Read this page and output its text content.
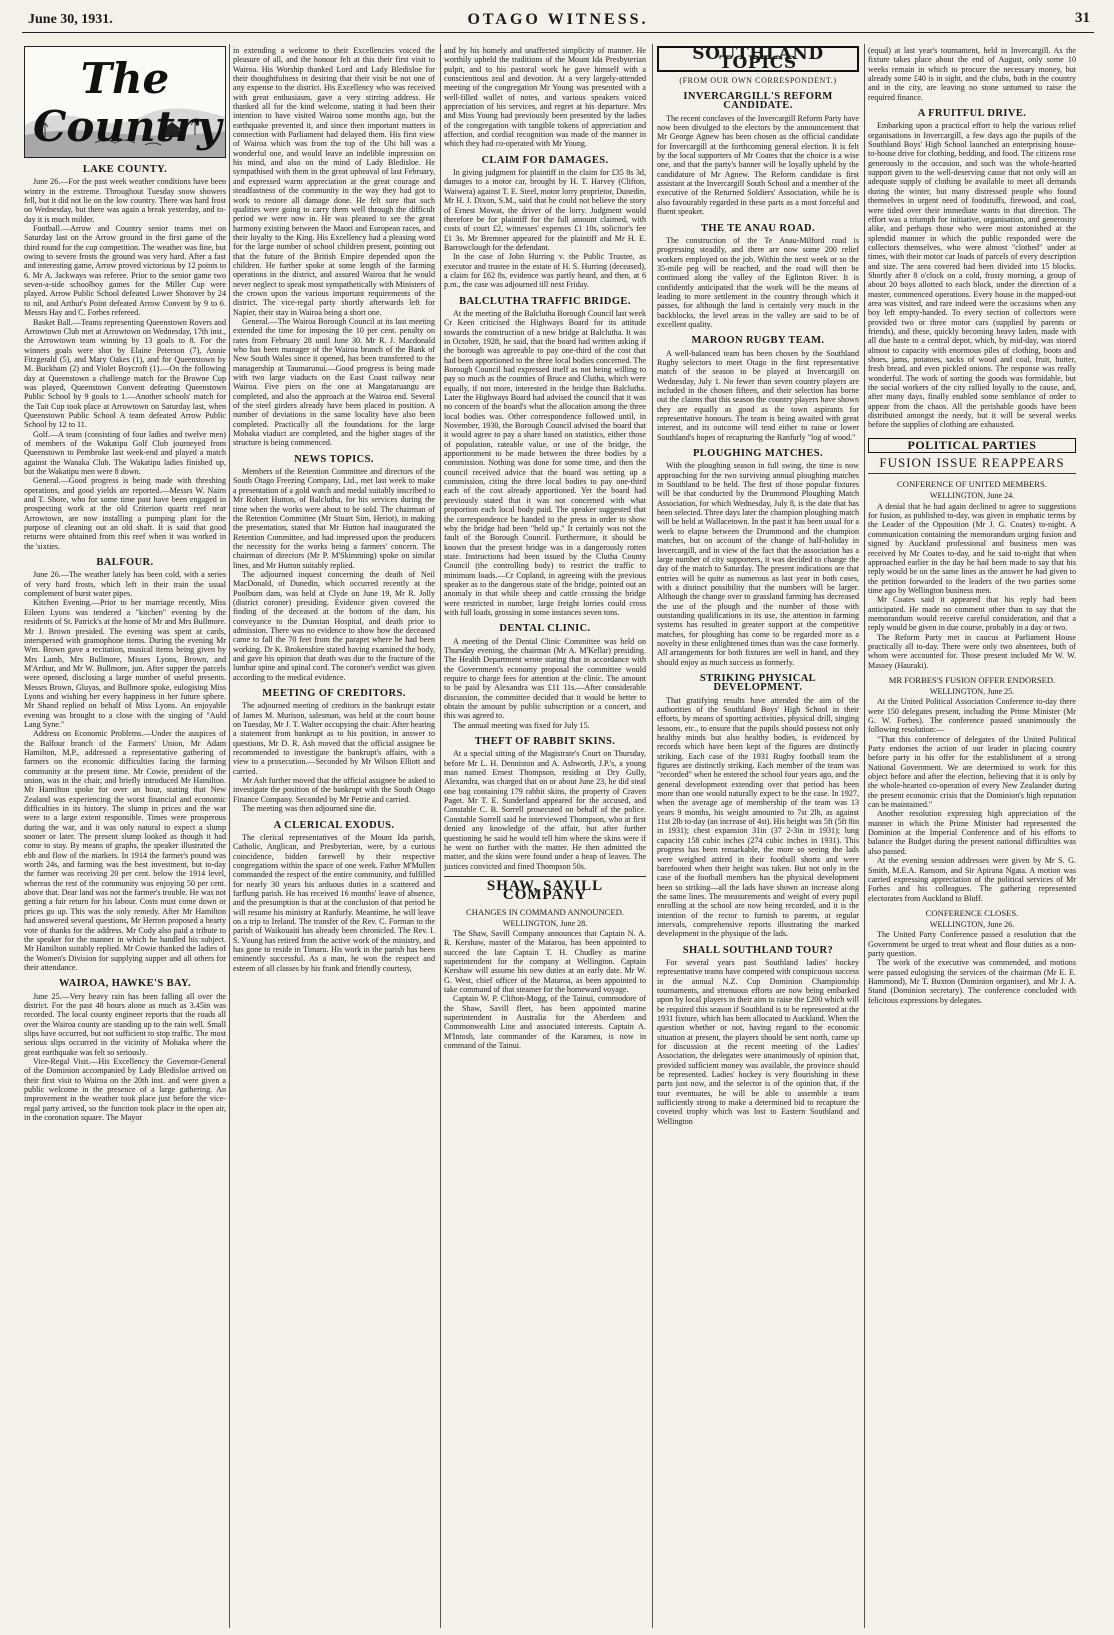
June 30, 1931.	OTAGO WITNESS.	31
The Country
LAKE COUNTY.

June 26.—For the past week weather conditions have been wintry in the extreme. Throughout Tuesday snow showers fell, but it did not lie on the low country. There was hard frost on Wednesday, but there was again a break yesterday, and to-day it is much milder.

Football.—Arrow and Country senior teams met on Saturday last on the Arrow ground in the first game of the third round for the cup competition. The weather was fine, but owing to severe frosts the ground was very hard. After a fast and interesting game, Arrow proved victorious by 12 points to 6. Mr A. Jackways was referee. Prior to the senior game two seven-a-side schoolboy games for the Miller Cup were played. Arrow Public School defeated Lower Shotover by 24 to nil, and Arthur's Point defeated Arrow Convent by 9 to 6. Messrs Hay and C. Forbes refereed.

Basket Ball.—Teams representing Queenstown Rovers and Arrowtown Club met at Arrowtown on Wednesday, 17th inst., the Arrowtown team winning by 13 goals to 8. For the winners goals were shot by Elaine Peterson (7), Annie Fitzgerald (5), and Mary Oakes (1), and for Queenstown by M. Buckham (2) and Violet Boycroft (1).—On the following day at Queenstown a challenge match for the Browne Cup was played, Queenstown Convent defeating Queenstown Public School by 9 goals to 1.—Another schools' match for the Tait Cup took place at Arrowtown on Saturday last, when Queenstown Public School A team defeated Arrow Public School by 12 to 11.

Golf.—A team (consisting of four ladies and twelve men) of members of the Wakatipu Golf Club journeyed from Queenstown to Pembroke last week-end and played a match against the Wanaka Club. The Wakatipu ladies finished up, but the Wakatipu men were 8 down.

General.—Good progress is being made with threshing operations, and good yields are reported.—Messrs W. Nairn and T. Shore, who for some time past have been engaged in prospecting work at the old Criterion quartz reef near Arrowtown, are now installing a pumping plant for the purpose of cleaning out an old shaft. It is said that good returns were obtained from this reef when it was worked in the 'sixties.

BALFOUR.

June 26.—The weather lately has been cold, with a series of very hard frosts, which left in their train the usual complement of burst water pipes.

Kitchen Evening.—Prior to her marriage recently, Miss Eileen Lyons was tendered a "kitchen" evening by the residents of St. Patrick's at the home of Mr and Mrs Bullmore. Mr J. Brown presided. The evening was spent at cards, interspersed with gramophone items. During the evening Mr Wm. Brown gave a recitation, musical items being given by Mrs Lamb, Mrs Bullmore, Misses Lyons, Brown, and M'Arthur, and Mr W. Bullmore, jun. After supper the parcels were opened, disclosing a large number of useful presents. Messrs Brown, Gluyas, and Bullmore spoke, eulogising Miss Lyons and wishing her every happiness in her future sphere. Mr Shand replied on behalf of Miss Lyons. An enjoyable evening was brought to a close with the singing of "Auld Lang Syne."

Address on Economic Problems.—Under the auspices of the Balfour branch of the Farmers' Union, Mr Adam Hamilton, M.P., addressed a representative gathering of farmers on the economic difficulties facing the farming community at the present time. Mr Cowie, president of the union, was in the chair, and briefly introduced Mr Hamilton. Mr Hamilton spoke for over an hour, stating that New Zealand was experiencing the worst financial and economic difficulties in its history. The slump in prices and the war were to a large extent responsible. Times were prosperous during the war, and it was only natural to expect a slump sooner or later. The present slump looked as though it had come to stay. By means of graphs, the speaker illustrated the ebb and flow of the markets. In 1914 the farmer's pound was worth 24s, and farming was the best investment, but to-day the farmer was receiving 20 per cent. below the 1914 level, whereas the rest of the community was enjoying 50 per cent. above that. Dear land was not the farmer's trouble. He was not getting a fair return for his labour. Costs must come down or prices go up. This was the only remedy. After Mr Hamilton had answered several questions, Mr Herron proposed a hearty vote of thanks for the address. Mr Cody also paid a tribute to the speaker for the manner in which he handled his subject. Mr Hamilton suitably replied. Mr Cowie thanked the ladies of the Women's Division for supplying supper and all others for their attendance.

WAIROA, HAWKE'S BAY.

June 25.—Very heavy rain has been falling all over the district. For the past 48 hours alone as much as 3.45in was recorded. The local county engineer reports that the roads all over the Wairoa county are standing up to the rain well. Small slips have occurred, but not sufficient to stop traffic. The most serious slips occurred in the vicinity of Mohaka where the great earthquake was felt so seriously.

Vice-Regal Visit.—His Excellency the Governor-General of the Dominion accompanied by Lady Bledisloe arrived on their first visit to Wairoa on the 20th inst. and were given a public welcome in the presence of a large gathering. An improvement in the weather took place just before the vice-regal party arrived, so the function took place in the open air, in the coronation square. The Mayor

in extending a welcome to their Excellencies voiced the pleasure of all, and the honour felt at this their first visit to Wairoa. His Worship thanked Lord and Lady Bledisloe for their thoughtfulness in desiring that their visit be not one of any expense to the district. His Excellency who was received with great enthusiasm, gave a very stirring address. He thanked all for the kind welcome, stating it had been their intention to have visited Wairoa some months ago, but the earthquake prevented it, and since then important matters in connection with Parliament had delayed them. His first view of Wairoa which was from the top of the Uhi hill was a wonderful one, and would leave an indelible impression on his mind, and also on the mind of Lady Bledisloe. He sympathised with them in the great upheaval of last February, and expressed warm appreciation at the great courage and steadfastness of the community in the way they had got to work to restore all damage done. He felt sure that such qualities were going to carry them well through the difficult period we were now in. He was pleased to see the great harmony existing between the Maori and European races, and their loyalty to the King. His Excellency had a pleasing word for the large number of school children present, pointing out that the future of the British Empire depended upon the children. He further spoke at some length of the farming operations in the district, and assured Wairoa that he would never neglect to speak most sympathetically with Ministers of the crown upon the various important requirements of the district. The vice-regal party shortly afterwards left for Napier, their stay in Wairoa being a short one.

General.—The Wairoa Borough Council at its last meeting extended the time for imposing the 10 per cent. penalty on rates from February 28 until June 30. Mr R. J. Macdonald who has been manager of the Wairoa branch of the Bank of New South Wales since it opened, has been transferred to the managership at Taumarunui.—Good progress is being made with two large viaducts on the East Coast railway near Wairoa. Five piers on the one at Mangataruangu are completed, and also the approach at the Wairoa end. Several of the steel girders already have been placed in position. A number of deviations in the same locality have also been completed. Practically all the foundations for the large Mohaka viaduct are completed, and the higher stages of the structure is being commenced.

NEWS TOPICS.

Members of the Retention Committee and directors of the South Otago Freezing Company, Ltd., met last week to make a presentation of a gold watch and medal suitably inscribed to Mr Robert Hutton, of Balclutha, for his services during the time when the works were about to be sold. The chairman of the Retention Committee (Mr Stuart Sim, Heriot), in making the presentation, stated that Mr Hutton had inaugurated the Retention Committee, and had impressed upon the producers the necessity for the works being a farmers' concern. The chairman of directors (Mr P. M'Skimming) spoke on similar lines, and Mr Hutton suitably replied.

The adjourned inquest concerning the death of Neil MacDonald, of Dunedin, which occurred recently at the Poolburn dam, was held at Clyde on June 19, Mr R. Jolly (district coroner) presiding. Evidence given covered the finding of the deceased at the bottom of the dam, his conveyance to the Dunstan Hospital, and death prior to admission. There was no evidence to show how the deceased came to fall the 70 feet from the parapet where he had been working. Dr K. Brokenshire stated having examined the body, and gave his opinion that death was due to the fracture of the lumbar spine and spinal cord. The coroner's verdict was given according to the medical evidence.

MEETING OF CREDITORS.

The adjourned meeting of creditors in the bankrupt estate of James M. Murison, salesman, was held at the court house on Tuesday, Mr J. T. Walter occupying the chair. After hearing a statement from bankrupt as to his position, in answer to questions, Mr D. R. Ash moved that the official assignee be recommended to investigate the bankrupt's affairs, with a view to a prosecution.—Seconded by Mr Wilson Elliott and carried.

Mr Ash further moved that the official assignee be asked to investigate the position of the bankrupt with the South Otago Finance Company. Seconded by Mr Petrie and carried.

The meeting was then adjourned sine die.

A CLERICAL EXODUS.

The clerical representatives of the Mount Ida parish, Catholic, Anglican, and Presbyterian, were, by a curious coincidence, bidden farewell by their respective congregations within the space of one week. Father M'Mullen commanded the respect of the entire community, and fulfilled for nearly 30 years his arduous duties in a scattered and farflung parish. He has received 16 months' leave of absence, and the presumption is that at the conclusion of that period he will resume his ministry at Ranfurly. Meantime, he will leave on a trip to Ireland. The transfer of the Rev. C. Forman to the parish of Waikouaiti has already been chronicled. The Rev. I. S. Young has retired from the active work of the ministry, and has gone to reside in Timaru. His work in the parish has been eminently successful. As a man, he won the respect and esteem of all classes by his frank and friendly courtesy,

and by his homely and unaffected simplicity of manner. He worthily upheld the traditions of the Mount Ida Presbyterian pulpit, and to his pastoral work he gave himself with a conscientious zeal and devotion. At a very largely-attended meeting of the congregation Mr Young was presented with a well-filled wallet of notes, and various speakers voiced appreciation of his services, and regret at his departure. Mrs and Miss Young had previously been presented by the ladies of the congregation with tangible tokens of appreciation and affection, and cordial recognition was made of the manner in which they had co-operated with Mr Young.

CLAIM FOR DAMAGES.

In giving judgment for plaintiff in the claim for £35 8s 3d, damages to a motor car, brought by H. T. Harvey (Clifton, Waiwera) against T. E. Steel, motor lorry proprietor, Dunedin, Mr H. J. Dixon, S.M., said that he could not believe the story of Ernest Mowat, the driver of the lorry. Judgment would therefore be for plaintiff for the full amount claimed, with costs of court £2, witnesses' expenses £1 10s, solicitor's fee £1 3s. Mr Bremner appeared for the plaintiff and Mr H. E. Barrowclough for the defendant.

In the case of John Hurring v. the Public Trustee, as executor and trustee in the estate of H. S. Hurring (deceased), a claim for £62 8s, evidence was partly heard, and then, at 6 p.m., the case was adjourned till next Friday.

BALCLUTHA TRAFFIC BRIDGE.

At the meeting of the Balclutha Borough Council last week Cr Keen criticised the Highways Board for its attitude towards the construction of a new bridge at Balclutha. It was in October, 1928, he said, that the board had written asking if the borough was agreeable to pay one-third of the cost that had been apportioned to the three local bodies concerned. The Borough Council had expressed itself as not being willing to pay so much as the counties of Bruce and Clutha, which were equally, if not more, interested in the bridge than Balclutha. Later the Highways Board had advised the council that it was no concern of the board's what the allocation among the three local bodies was. Other correspondence followed until, in November, 1930, the Borough Council advised the board that it would agree to pay a share based on statistics, either those of population, rateable value, or use of the bridge, the apportionment to be made between the three bodies by a commission. Nothing was done for some time, and then the council received advice that the board was setting up a commission, citing the three local bodies to pay one-third each of the cost already apportioned. Yet the board had previously stated that it was not concerned with what proportion each local body paid. The speaker suggested that the correspondence be handed to the press in order to show why the bridge had been "held up." It certainly was not the fault of the Borough Council. Furthermore, it should be known that the present bridge was in a dangerously rotten state. Instructions had been issued by the Clutha County Council (the controlling body) to restrict the traffic to minimum loads.—Cr Copland, in agreeing with the previous speaker as to the dangerous state of the bridge, pointed out an anomaly in that while sheep and cattle crossing the bridge were restricted in number, large freight lorries could cross with full loads, grossing in some instances seven tons.

DENTAL CLINIC.

A meeting of the Dental Clinic Committee was held on Thursday evening, the chairman (Mr A. M'Kellar) presiding. The Health Department wrote stating that in accordance with the Government's economy proposal the committee would require to charge fees for attention at the clinic. The amount to be paid by Alexandra was £11 11s.—After considerable discussion, the committee decided that it would be better to obtain the amount by public subscription or a concert, and this was agreed to.

The annual meeting was fixed for July 15.

THEFT OF RABBIT SKINS.

At a special sitting of the Magistrate's Court on Thursday, before Mr L. H. Denniston and A. Ashworth, J.P.'s, a young man named Ernest Thompson, residing at Dry Gully, Alexandra, was charged that on or about June 23, he did steal one bag containing 179 rabbit skins, the property of Craven Paget. Mr T. E. Sunderland appeared for the accused, and Constable C. B. Sorrell prosecuted on behalf of the police. Constable Sorrell said he interviewed Thompson, who at first denied any knowledge of the affair, but after further questioning he said he would tell him where the skins were if he went no further with the matter. He then admitted the matter, and the skins were found under a heap of leaves. The justices convicted and fined Thompson 50s.

SHAW, SAVILL COMPANY
CHANGES IN COMMAND ANNOUNCED.

WELLINGTON, June 28.

The Shaw, Savill Company announces that Captain N. A. R. Kershaw, master of the Mataroa, has been appointed to succeed the late Captain T. H. Chudley as marine superintendent for the company at Wellington. Captain Kershaw will assume his new duties at an early date. Mr W. G. West, chief officer of the Mataroa, as been appointed to take command of that steamer for the homeward voyage.

Captain W. P. Clifton-Mogg, of the Tainui, commodore of the Shaw, Savill fleet, has been appointed marine superintendent in Australia for the Aberdeen and Commonwealth Line and associated interests. Captain A. M'Intosh, late commander of the Karamea, is now in command of the Tainui.

SOUTHLAND TOPICS
(FROM OUR OWN CORRESPONDENT.)
INVERCARGILL'S REFORM CANDIDATE.

The recent conclaves of the Invercargill Reform Party have now been divulged to the electors by the announcement that Mr George Agnew has been chosen as the official candidate for Invercargill at the forthcoming general election. It is felt by the local supporters of Mr Coates that the choice is a wise one, and that the party's banner will be loyally upheld by the candidature of Mr Agnew. The Reform candidate is first assistant at the Invercargill South School and a member of the executive of the Returned Soldiers' Association, while he is also favourably regarded in these parts as a most forceful and fluent speaker.

THE TE ANAU ROAD.

The construction of the Te Anau-Milford road is progressing steadily, and there are now some 200 relief workers employed on the job. Within the next week or so the 35-mile peg will be reached, and the road will then be continued along the valley of the Eglinton River. It is confidently anticipated that the work will be the means of leading to more settlement in the country through which it passes, for although the land is certainly very much in the backblocks, the level areas in the valley are said to be of excellent quality.

MAROON RUGBY TEAM.

A well-balanced team has been chosen by the Southland Rugby selectors to meet Otago in the first representative match of the season to be played at Invercargill on Wednesday, July 1. No fewer than seven country players are included in the chosen fifteen, and their selection has borne out the claims that this season the country players have shown they are equally as good as the town aspirants for representative honours. The team is being awaited with great interest, and its outcome will tend either to raise or lower Southland's hopes of recapturing the Ranfurly "log of wood."

PLOUGHING MATCHES.

With the ploughing season in full swing, the time is now approaching for the two surviving annual ploughing matches in Southland to be held. The first of those popular fixtures will be that conducted by the Drummond Ploughing Match Association, for which Wednesday, July 8, is the date that has been selected. Three days later the champion ploughing match will be held at Wallacetown. In the past it has been usual for a week to elapse between the Drummond and the champion matches, but on account of the change of half-holiday in Invercargill, and in view of the fact that the association has a large number of city supporters, it was decided to change the day of the match to Saturday. The present indications are that entries will be quite as numerous as last year in both cases, with a distinct possibility that the numbers will be larger. Although the change over to grassland farming has decreased the use of the plough and the number of those with outstanding qualifications in its use, the attention in farming systems has resulted in greater support at the competitive matches, for ploughing has come to be regarded more as a novelty in these enlightened times than was the case formerly. All arrangements for both fixtures are well in hand, and they should enjoy as much success as formerly.

STRIKING PHYSICAL DEVELOPMENT.

That gratifying results have attended the aim of the authorities of the Southland Boys' High School in their efforts, by means of sporting activities, physical drill, singing lessons, etc., to ensure that the pupils should possess not only healthy minds but also healthy bodies, is evidenced by records which have been kept of the figures are distinctly striking. Each case of the 1931 Rugby football team the figures are distinctly striking. Each member of the team was "recorded" when he entered the school four years ago, and the general development extending over that period has been more than one would naturally expect to be the case. In 1927, when the average age of membership of the team was 13 years 9 months, his weight amounted to 7st 2lb, as against 11st 2lb to-day (an increase of 4st). His height was 5ft (5ft 8in in 1931); chest expansion 31in (37 2-3in in 1931); lung capacity 158 cubic inches (274 cubic inches in 1931). This progress has been remarkable, the more so seeing the lads were weighed attired in their football shorts and were barefooted when their height was taken. But not only in the case of the football members has the physical development been so striking—all the lads have shown an increase along the same lines. The measurements and weight of every pupil enrolling at the school are now being recorded, and it is the intention of the rector to furnish to parents, at regular intervals, comprehensive reports illustrating the marked development in the physique of the lads.

SHALL SOUTHLAND TOUR?

For several years past Southland ladies' hockey representative teams have competed with conspicuous success in the annual N.Z. Cup Dominion Championship tournaments, and strenuous efforts are now being embarked upon by local players in their aim to raise the £200 which will be required this season if Southland is to be represented at the 1931 fixture, which has been allocated to Auckland. When the question whether or not, having regard to the economic situation at present, the players should be sent north, came up for discussion at the recent meeting of the Ladies' Association, the delegates were unanimously of opinion that, provided sufficient money was available, the province should be represented. Ladies' hockey is very flourishing in these parts just now, and the selector is of the opinion that, if the tour eventuates, he will be able to assemble a team sufficiently strong to make a determined bid to recapture the coveted trophy which was lost to Eastern Southland and Wellington

(equal) at last year's tournament, held in Invercargill. As the fixture takes place about the end of August, only some 10 weeks remain in which to procure the necessary money, but already some £40 is in sight, and the clubs, both in the country and in the city, are leaving no stone unturned to raise the required finance.

A FRUITFUL DRIVE.

Embarking upon a practical effort to help the various relief organisations in Invercargill, a few days ago the pupils of the Southland Boys' High School launched an enterprising house-to-house drive for clothing, bedding, and food. The citizens rose generously to the occasion, and such was the whole-hearted support given to the well-deserving cause that not only will an adequate supply of clothing be available to meet all demands during the winter, but many distressed people who found themselves in urgent need of foodstuffs, firewood, and coal, were tided over their immediate wants in that direction. The effort was a triumph for initiative, organisation, and generosity alike, and perhaps those who were most astonished at the splendid manner in which the public responded were the collectors themselves, who were almost "clothed" under at times, with their motor car loads of parcels of every description and size. The area covered had been divided into 15 blocks. Shortly after 8 o'clock on a cold, frosty morning, a group of about 20 boys allotted to each block, under the direction of a master, commenced operations. Every house in the mapped-out area was visited, and rare indeed were the occasions when any boy left empty-handed. To every section of collectors were provided two or three motor cars (supplied by parents or friends), and these, quickly becoming heavy laden, made with all due haste to a central depot, which, by mid-day, was stored almost to capacity with enormous piles of clothing, boots and shoes, jams, potatoes, sacks of wood and coal, fruit, butter, fresh bread, and even pickled onions. The response was really wonderful. The work of sorting the goods was formidable, but the social workers of the city rallied loyally to the cause, and, after many days, finally enabled some semblance of order to appear from the chaos. All the perishable goods have been distributed amongst the needy, but it will be several weeks before the supplies of clothing are exhausted.

POLITICAL PARTIES
FUSION ISSUE REAPPEARS
CONFERENCE OF UNITED MEMBERS.

WELLINGTON, June 24.

A denial that he had again declined to agree to suggestions for fusion, as published to-day, was given in emphatic terms by the Leader of the Opposition (Mr J. G. Coates) to-night. A communication containing the memorandum urging fusion and signed by Auckland professional and business men was received by Mr Coates to-day, and he said to-night that when approached earlier in the day he had been made to say that his reply would be on the same lines as the answer he had given to the petition forwarded to the leaders of the two parties some time ago by Wellington business men.

Mr Coates said it appeared that his reply had been anticipated. He made no comment other than to say that the memorandum would receive careful consideration, and that a reply would be given in due course, probably in a day or two.

The Reform Party met in caucus at Parliament House practically all to-day. There were only two absentees, both of whom were accounted for. Those present included Mr W. W. Massey (Hauraki).

MR FORBES'S FUSION OFFER ENDORSED.

WELLINGTON, June 25.

At the United Political Association Conference to-day there were 150 delegates present, including the Prime Minister (Mr G. W. Forbes). The conference passed unanimously the following resolution:—

"That this conference of delegates of the United Political Party endorses the action of our leader in placing country before party in his offer for the establishment of a strong National Government. We are determined to work for this object before and after the election, believing that it is only by the whole-hearted co-operation of every New Zealander during the present economic crisis that the Dominion's high reputation can be maintained."

Another resolution expressing high appreciation of the manner in which the Prime Minister had represented the Dominion at the Imperial Conference and of his efforts to balance the Budget during the present national difficulties was also passed.

At the evening session addresses were given by Mr S. G. Smith, M.E.A. Ransom, and Sir Apirana Ngata. A motion was carried expressing appreciation of the political services of Mr Forbes and his colleagues. The gathering represented electorates from Auckland to Bluff.

CONFERENCE CLOSES.

WELLINGTON, June 26.

The United Party Conference passed a resolution that the Government be urged to treat wheat and flour duties as a non-party question.

The work of the executive was commended, and motions were passed eulogising the services of the chairman (Mr E. E. Hammond), Mr T. Buxton (Dominion organiser), and Mr J. A. Stand (Dominion secretary). The conference concluded with felicitous expressions by delegates.
